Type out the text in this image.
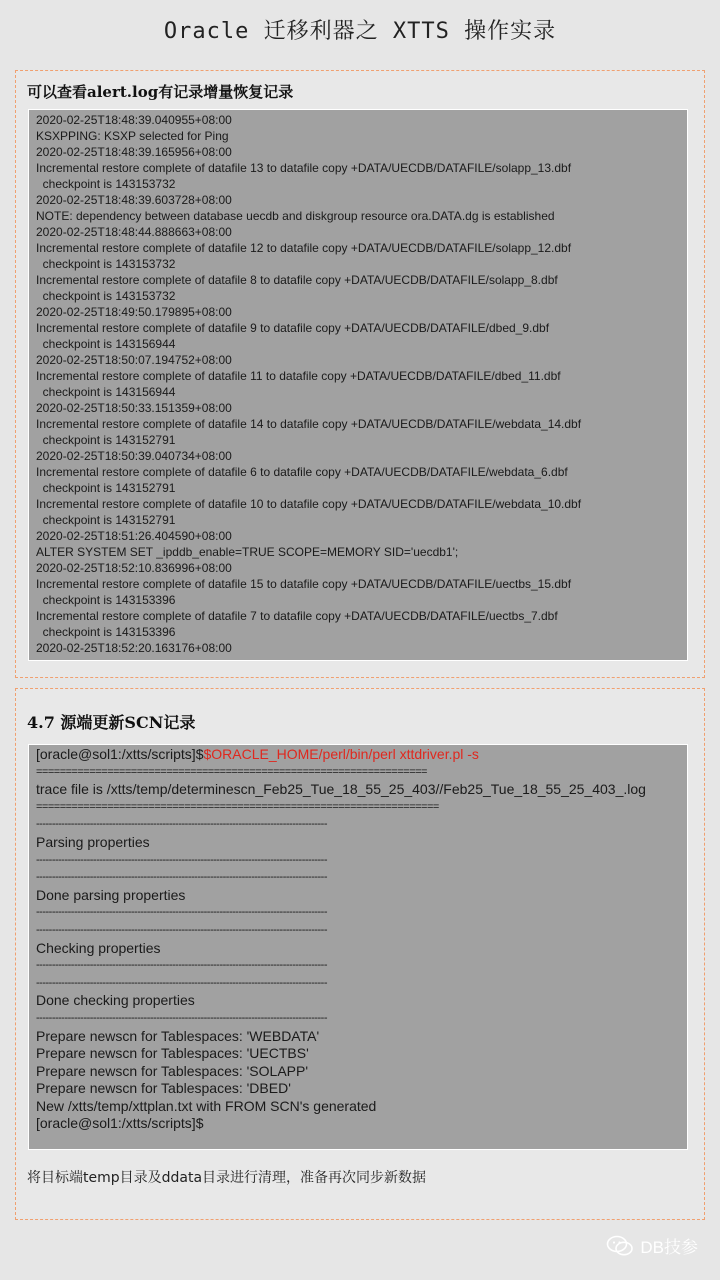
Oracle 迁移利器之 XTTS 操作实录
可以查看alert.log有记录增量恢复记录
2020-02-25T18:48:39.040955+08:00
KSXPPING: KSXP selected for Ping
2020-02-25T18:48:39.165956+08:00
Incremental restore complete of datafile 13 to datafile copy +DATA/UECDB/DATAFILE/solapp_13.dbf
checkpoint is 143153732
2020-02-25T18:48:39.603728+08:00
NOTE: dependency between database uecdb and diskgroup resource ora.DATA.dg is established
2020-02-25T18:48:44.888663+08:00
Incremental restore complete of datafile 12 to datafile copy +DATA/UECDB/DATAFILE/solapp_12.dbf
checkpoint is 143153732
Incremental restore complete of datafile 8 to datafile copy +DATA/UECDB/DATAFILE/solapp_8.dbf
checkpoint is 143153732
2020-02-25T18:49:50.179895+08:00
Incremental restore complete of datafile 9 to datafile copy +DATA/UECDB/DATAFILE/dbed_9.dbf
checkpoint is 143156944
2020-02-25T18:50:07.194752+08:00
Incremental restore complete of datafile 11 to datafile copy +DATA/UECDB/DATAFILE/dbed_11.dbf
checkpoint is 143156944
2020-02-25T18:50:33.151359+08:00
Incremental restore complete of datafile 14 to datafile copy +DATA/UECDB/DATAFILE/webdata_14.dbf
checkpoint is 143152791
2020-02-25T18:50:39.040734+08:00
Incremental restore complete of datafile 6 to datafile copy +DATA/UECDB/DATAFILE/webdata_6.dbf
checkpoint is 143152791
Incremental restore complete of datafile 10 to datafile copy +DATA/UECDB/DATAFILE/webdata_10.dbf
checkpoint is 143152791
2020-02-25T18:51:26.404590+08:00
ALTER SYSTEM SET _ipddb_enable=TRUE SCOPE=MEMORY SID='uecdb1';
2020-02-25T18:52:10.836996+08:00
Incremental restore complete of datafile 15 to datafile copy +DATA/UECDB/DATAFILE/uectbs_15.dbf
checkpoint is 143153396
Incremental restore complete of datafile 7 to datafile copy +DATA/UECDB/DATAFILE/uectbs_7.dbf
checkpoint is 143153396
2020-02-25T18:52:20.163176+08:00
4.7 源端更新SCN记录
[oracle@sol1:/xtts/scripts]$$ORACLE_HOME/perl/bin/perl xttdriver.pl -s
==================================================================
trace file is /xtts/temp/determinescn_Feb25_Tue_18_55_25_403//Feb25_Tue_18_55_25_403_.log
====================================================================
--------------------------------------------------------------------------------------------
Parsing properties
--------------------------------------------------------------------------------------------
--------------------------------------------------------------------------------------------
Done parsing properties
--------------------------------------------------------------------------------------------
--------------------------------------------------------------------------------------------
Checking properties
--------------------------------------------------------------------------------------------
--------------------------------------------------------------------------------------------
Done checking properties
--------------------------------------------------------------------------------------------
Prepare newscn for Tablespaces: 'WEBDATA'
Prepare newscn for Tablespaces: 'UECTBS'
Prepare newscn for Tablespaces: 'SOLAPP'
Prepare newscn for Tablespaces: 'DBED'
New /xtts/temp/xttplan.txt with FROM SCN's generated
[oracle@sol1:/xtts/scripts]$
将目标端temp目录及ddata目录进行清理，准备再次同步新数据
DB技参
